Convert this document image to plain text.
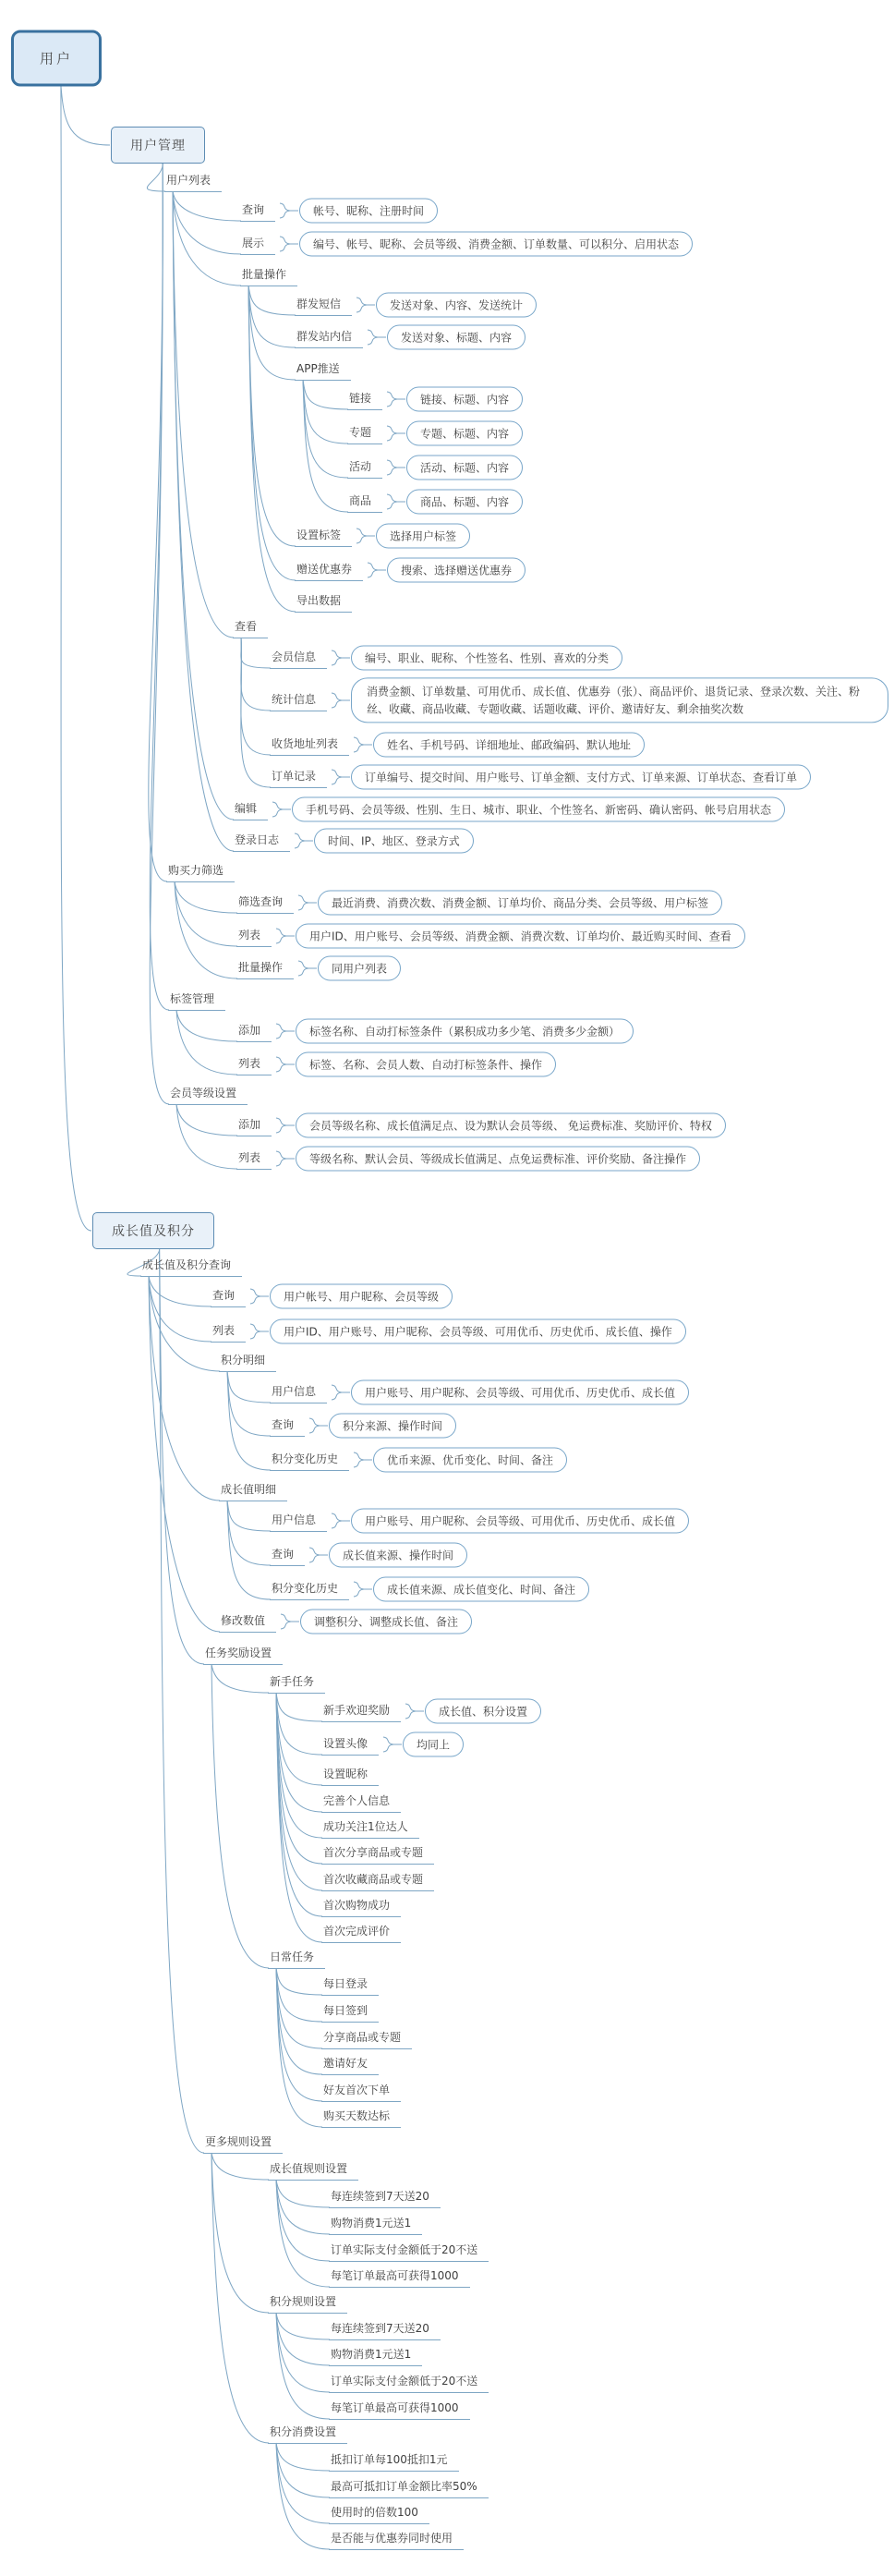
用户
用户管理
用户列表
查询
展示
批量操作
群发短信
群发站内信
APP推送
链接
专题
活动
商品
设置标签
赠送优惠券
导出数据
查看
会员信息
统计信息
收货地址列表
订单记录
编辑
登录日志
购买力筛选
筛选查询
列表
批量操作
标签管理
添加
列表
会员等级设置
添加
列表
成长值及积分
成长值及积分查询
查询
列表
积分明细
用户信息
查询
积分变化历史
成长值明细
用户信息
查询
积分变化历史
修改数值
任务奖励设置
新手任务
新手欢迎奖励
设置头像
设置昵称
完善个人信息
成功关注1位达人
首次分享商品或专题
首次收藏商品或专题
首次购物成功
首次完成评价
日常任务
每日登录
每日签到
分享商品或专题
邀请好友
好友首次下单
购买天数达标
更多规则设置
成长值规则设置
每连续签到7天送20
购物消费1元送1
订单实际支付金额低于20不送
每笔订单最高可获得1000
积分规则设置
每连续签到7天送20
购物消费1元送1
订单实际支付金额低于20不送
每笔订单最高可获得1000
积分消费设置
抵扣订单每100抵扣1元
最高可抵扣订单金额比率50%
使用时的倍数100
是否能与优惠券同时使用
帐号、昵称、注册时间
编号、帐号、昵称、会员等级、消费金额、订单数量、可以积分、启用状态
发送对象、内容、发送统计
发送对象、标题、内容
链接、标题、内容
专题、标题、内容
活动、标题、内容
商品、标题、内容
选择用户标签
搜索、选择赠送优惠券
编号、职业、昵称、个性签名、性别、喜欢的分类
消费金额、订单数量、可用优币、成长值、优惠券（张）、商品评价、退货记录、登录次数、关注、粉丝、收藏、商品收藏、专题收藏、话题收藏、评价、邀请好友、剩余抽奖次数
姓名、手机号码、详细地址、邮政编码、默认地址
订单编号、提交时间、用户账号、订单金额、支付方式、订单来源、订单状态、查看订单
手机号码、会员等级、性别、生日、城市、职业、个性签名、新密码、确认密码、帐号启用状态
时间、IP、地区、登录方式
最近消费、消费次数、消费金额、订单均价、商品分类、会员等级、用户标签
用户ID、用户账号、会员等级、消费金额、消费次数、订单均价、最近购买时间、查看
同用户列表
标签名称、自动打标签条件（累积成功多少笔、消费多少金额）
标签、名称、会员人数、自动打标签条件、操作
会员等级名称、成长值满足点、设为默认会员等级、 免运费标准、奖励评价、特权
等级名称、默认会员、等级成长值满足、点免运费标准、评价奖励、备注操作
用户帐号、用户昵称、会员等级
用户ID、用户账号、用户昵称、会员等级、可用优币、历史优币、成长值、操作
用户账号、用户昵称、会员等级、可用优币、历史优币、成长值
积分来源、操作时间
优币来源、优币变化、时间、备注
用户账号、用户昵称、会员等级、可用优币、历史优币、成长值
成长值来源、操作时间
成长值来源、成长值变化、时间、备注
调整积分、调整成长值、备注
成长值、积分设置
均同上
